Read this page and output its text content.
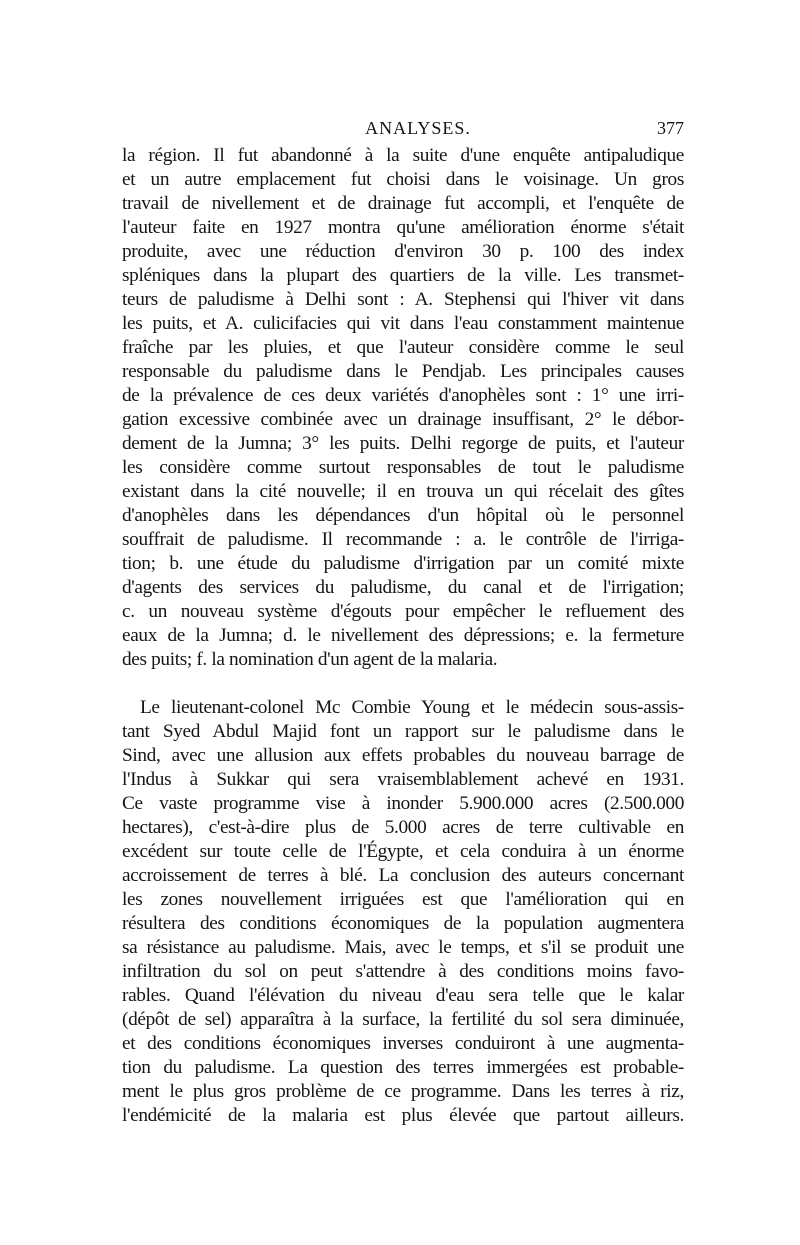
ANALYSES.	377
la région. Il fut abandonné à la suite d'une enquête antipaludique
et un autre emplacement fut choisi dans le voisinage. Un gros
travail de nivellement et de drainage fut accompli, et l'enquête de
l'auteur faite en 1927 montra qu'une amélioration énorme s'était
produite, avec une réduction d'environ 30 p. 100 des index
spléniques dans la plupart des quartiers de la ville. Les transmet-
teurs de paludisme à Delhi sont : A. Stephensi qui l'hiver vit dans
les puits, et A. culicifacies qui vit dans l'eau constamment maintenue
fraîche par les pluies, et que l'auteur considère comme le seul
responsable du paludisme dans le Pendjab. Les principales causes
de la prévalence de ces deux variétés d'anophèles sont : 1° une irri-
gation excessive combinée avec un drainage insuffisant, 2° le débor-
dement de la Jumna; 3° les puits. Delhi regorge de puits, et l'auteur
les considère comme surtout responsables de tout le paludisme
existant dans la cité nouvelle; il en trouva un qui récelait des gîtes
d'anophèles dans les dépendances d'un hôpital où le personnel
souffrait de paludisme. Il recommande : a. le contrôle de l'irriga-
tion; b. une étude du paludisme d'irrigation par un comité mixte
d'agents des services du paludisme, du canal et de l'irrigation;
c. un nouveau système d'égouts pour empêcher le refluement des
eaux de la Jumna; d. le nivellement des dépressions; e. la fermeture
des puits; f. la nomination d'un agent de la malaria.
Le lieutenant-colonel Mc Combie Young et le médecin sous-assis-
tant Syed Abdul Majid font un rapport sur le paludisme dans le
Sind, avec une allusion aux effets probables du nouveau barrage de
l'Indus à Sukkar qui sera vraisemblablement achevé en 1931.
Ce vaste programme vise à inonder 5.900.000 acres (2.500.000
hectares), c'est-à-dire plus de 5.000 acres de terre cultivable en
excédent sur toute celle de l'Égypte, et cela conduira à un énorme
accroissement de terres à blé. La conclusion des auteurs concernant
les zones nouvellement irriguées est que l'amélioration qui en
résultera des conditions économiques de la population augmentera
sa résistance au paludisme. Mais, avec le temps, et s'il se produit une
infiltration du sol on peut s'attendre à des conditions moins favo-
rables. Quand l'élévation du niveau d'eau sera telle que le kalar
(dépôt de sel) apparaîtra à la surface, la fertilité du sol sera diminuée,
et des conditions économiques inverses conduiront à une augmenta-
tion du paludisme. La question des terres immergées est probable-
ment le plus gros problème de ce programme. Dans les terres à riz,
l'endémicité de la malaria est plus élevée que partout ailleurs.
